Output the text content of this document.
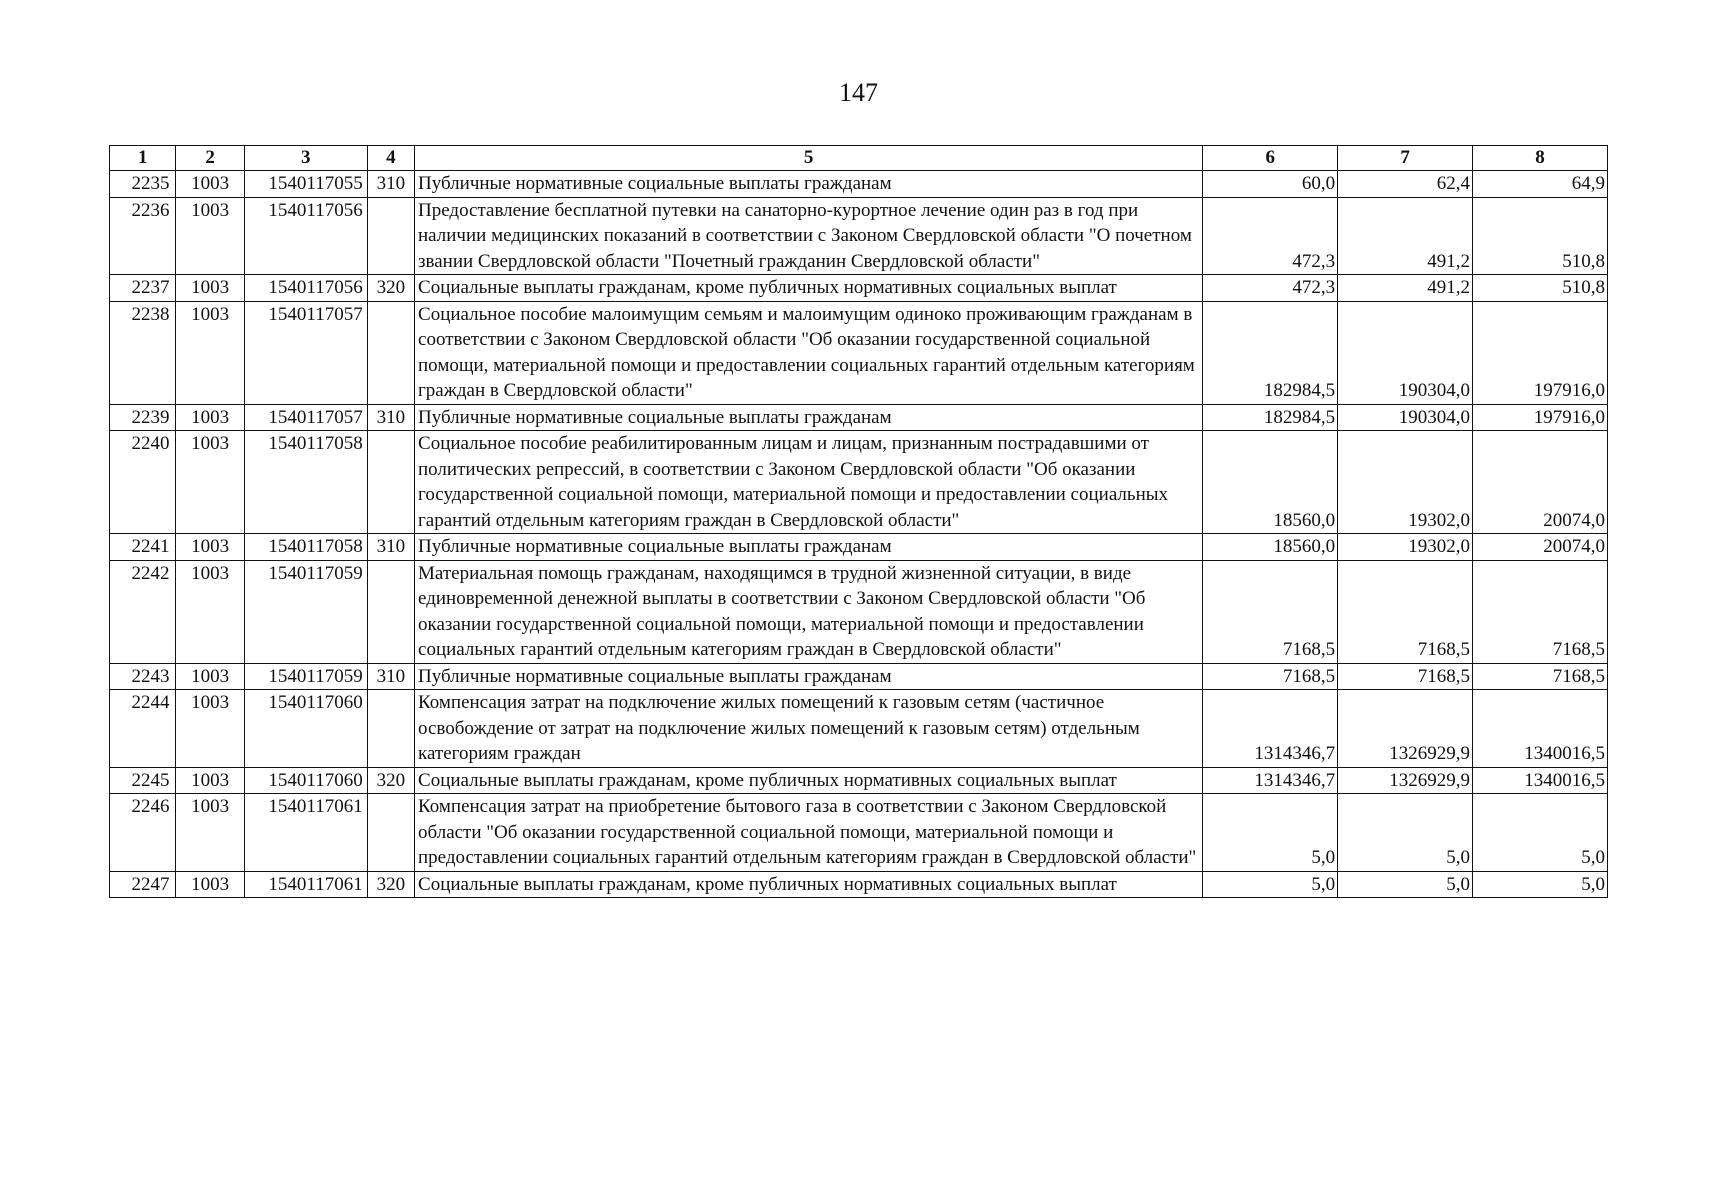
147
1	2	3	4	5	6	7	8
2235	1003	1540117055	310	Публичные нормативные социальные выплаты гражданам	60,0	62,4	64,9
2236	1003	1540117056		Предоставление бесплатной путевки на санаторно-курортное лечение один раз в год при наличии медицинских показаний в соответствии с Законом Свердловской области "О почетном звании Свердловской области "Почетный гражданин Свердловской области"	472,3	491,2	510,8
2237	1003	1540117056	320	Социальные выплаты гражданам, кроме публичных нормативных социальных выплат	472,3	491,2	510,8
2238	1003	1540117057		Социальное пособие малоимущим семьям и малоимущим одиноко проживающим гражданам в соответствии с Законом Свердловской области "Об оказании государственной социальной помощи, материальной помощи и предоставлении социальных гарантий отдельным категориям граждан в Свердловской области"	182984,5	190304,0	197916,0
2239	1003	1540117057	310	Публичные нормативные социальные выплаты гражданам	182984,5	190304,0	197916,0
2240	1003	1540117058		Социальное пособие реабилитированным лицам и лицам, признанным пострадавшими от политических репрессий, в соответствии с Законом Свердловской области "Об оказании государственной социальной помощи, материальной помощи и предоставлении социальных гарантий отдельным категориям граждан в Свердловской области"	18560,0	19302,0	20074,0
2241	1003	1540117058	310	Публичные нормативные социальные выплаты гражданам	18560,0	19302,0	20074,0
2242	1003	1540117059		Материальная помощь гражданам, находящимся в трудной жизненной ситуации, в виде единовременной денежной выплаты в соответствии с Законом Свердловской области "Об оказании государственной социальной помощи, материальной помощи и предоставлении социальных гарантий отдельным категориям граждан в Свердловской области"	7168,5	7168,5	7168,5
2243	1003	1540117059	310	Публичные нормативные социальные выплаты гражданам	7168,5	7168,5	7168,5
2244	1003	1540117060		Компенсация затрат на подключение жилых помещений к газовым сетям (частичное освобождение от затрат на подключение жилых помещений к газовым сетям) отдельным категориям граждан	1314346,7	1326929,9	1340016,5
2245	1003	1540117060	320	Социальные выплаты гражданам, кроме публичных нормативных социальных выплат	1314346,7	1326929,9	1340016,5
2246	1003	1540117061		Компенсация затрат на приобретение бытового газа в соответствии с Законом Свердловской области "Об оказании государственной социальной помощи, материальной помощи и предоставлении социальных гарантий отдельным категориям граждан в Свердловской области"	5,0	5,0	5,0
2247	1003	1540117061	320	Социальные выплаты гражданам, кроме публичных нормативных социальных выплат	5,0	5,0	5,0
